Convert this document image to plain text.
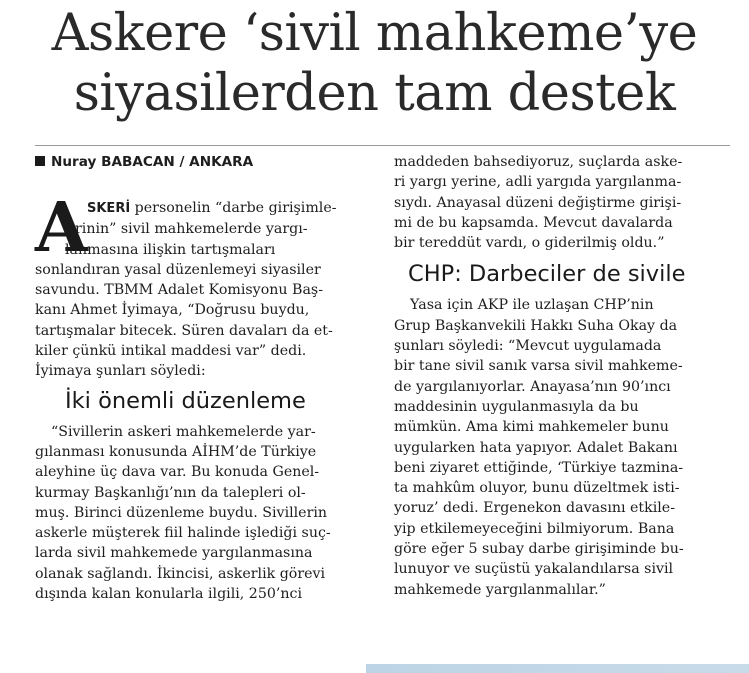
Askere ‘sivil mahkeme’ye
siyasilerden tam destek
Nuray BABACAN / ANKARA
A SKERİ personelin “darbe girişimle-
rinin” sivil mahkemelerde yargı-
lanmasına ilişkin tartışmaları
sonlandıran yasal düzenlemeyi siyasiler
savundu. TBMM Adalet Komisyonu Baş-
kanı Ahmet İyimaya, “Doğrusu buydu,
tartışmalar bitecek. Süren davaları da et-
kiler çünkü intikal maddesi var” dedi.
İyimaya şunları söyledi:
İki önemli düzenleme
“Sivillerin askeri mahkemelerde yar-
gılanması konusunda AİHM’de Türkiye
aleyhine üç dava var. Bu konuda Genel-
kurmay Başkanlığı’nın da talepleri ol-
muş. Birinci düzenleme buydu. Sivillerin
askerle müşterek fiil halinde işlediği suç-
larda sivil mahkemede yargılanmasına
olanak sağlandı. İkincisi, askerlik görevi
dışında kalan konularla ilgili, 250’nci
maddeden bahsediyoruz, suçlarda aske-
ri yargı yerine, adli yargıda yargılanma-
sıydı. Anayasal düzeni değiştirme girişi-
mi de bu kapsamda. Mevcut davalarda
bir tereddüt vardı, o giderilmiş oldu.”
CHP: Darbeciler de sivile
Yasa için AKP ile uzlaşan CHP’nin
Grup Başkanvekili Hakkı Suha Okay da
şunları söyledi: “Mevcut uygulamada
bir tane sivil sanık varsa sivil mahkeme-
de yargılanıyorlar. Anayasa’nın 90’ıncı
maddesinin uygulanmasıyla da bu
mümkün. Ama kimi mahkemeler bunu
uygularken hata yapıyor. Adalet Bakanı
beni ziyaret ettiğinde, ‘Türkiye tazmina-
ta mahkûm oluyor, bunu düzeltmek isti-
yoruz’ dedi. Ergenekon davasını etkile-
yip etkilemeyeceğini bilmiyorum. Bana
göre eğer 5 subay darbe girişiminde bu-
lunuyor ve suçüstü yakalandılarsa sivil
mahkemede yargılanmalılar.”
